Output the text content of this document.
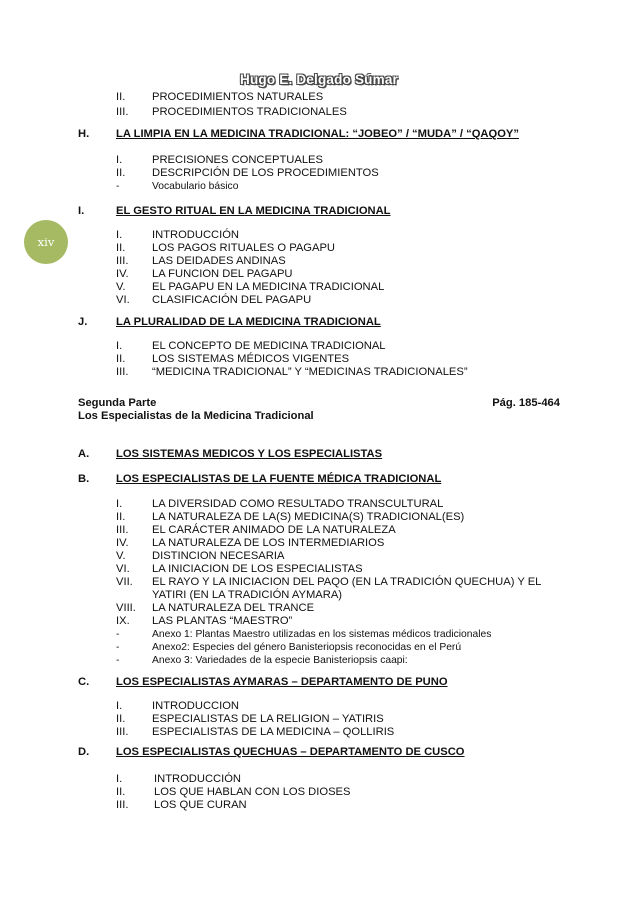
Hugo E. Delgado Súmar
xiv
II. PROCEDIMIENTOS NATURALES
III. PROCEDIMIENTOS TRADICIONALES
H. LA LIMPIA EN LA MEDICINA TRADICIONAL: “JOBEO” / “MUDA” / “QAQOY”
I.	PRECISIONES CONCEPTUALES
II. DESCRIPCIÓN DE LOS PROCEDIMIENTOS
-	Vocabulario básico
I.	EL GESTO RITUAL EN LA MEDICINA TRADICIONAL
I.	INTRODUCCIÓN
II. LOS PAGOS RITUALES O PAGAPU
III. LAS DEIDADES ANDINAS
IV. LA FUNCION DEL PAGAPU
V. EL PAGAPU EN LA MEDICINA TRADICIONAL
VI. CLASIFICACIÓN DEL PAGAPU
J.	LA PLURALIDAD DE LA MEDICINA TRADICIONAL
I.	EL CONCEPTO DE MEDICINA TRADICIONAL
II. LOS SISTEMAS MÉDICOS VIGENTES
III. “MEDICINA TRADICIONAL” Y “MEDICINAS TRADICIONALES”
Segunda Parte	Pág. 185-464
Los Especialistas de la Medicina Tradicional
A. LOS SISTEMAS MEDICOS Y LOS ESPECIALISTAS
B. LOS ESPECIALISTAS DE LA FUENTE MÉDICA TRADICIONAL
I.	LA DIVERSIDAD COMO RESULTADO TRANSCULTURAL
II. LA NATURALEZA DE LA(S) MEDICINA(S) TRADICIONAL(ES)
III. EL CARÁCTER ANIMADO DE LA NATURALEZA
IV. LA NATURALEZA DE LOS INTERMEDIARIOS
V. DISTINCION NECESARIA
VI. LA INICIACION DE LOS ESPECIALISTAS
VII. EL RAYO Y LA INICIACION DEL PAQO (EN LA TRADICIÓN QUECHUA) Y EL
YATIRI (EN LA TRADICIÓN AYMARA)
VIII. LA NATURALEZA DEL TRANCE
IX. LAS PLANTAS “MAESTRO”
-	Anexo 1: Plantas Maestro utilizadas en los sistemas médicos tradicionales
-	Anexo2: Especies del género Banisteriopsis reconocidas en el Perú
-	Anexo 3: Variedades de la especie Banisteriopsis caapi:
C. LOS ESPECIALISTAS AYMARAS – DEPARTAMENTO DE PUNO
I.	INTRODUCCION
II. ESPECIALISTAS DE LA RELIGION – YATIRIS
III. ESPECIALISTAS DE LA MEDICINA – QOLLIRIS
D. LOS ESPECIALISTAS QUECHUAS – DEPARTAMENTO DE CUSCO
I.	INTRODUCCIÓN
II.	LOS QUE HABLAN CON LOS DIOSES
III. LOS QUE CURAN
